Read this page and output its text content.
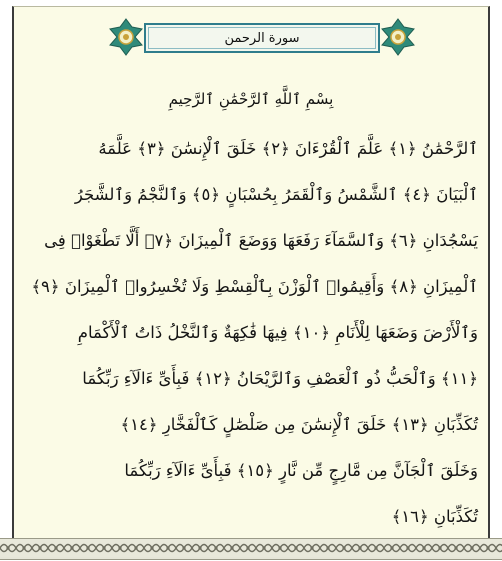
سورة الرحمن
بِسْمِ ٱللَّهِ ٱلرَّحْمَٰنِ ٱلرَّحِيمِ
ٱلرَّحْمَٰنُ ﴿١﴾ عَلَّمَ ٱلْقُرْءَانَ ﴿٢﴾ خَلَقَ ٱلْإِنسَٰنَ ﴿٣﴾ عَلَّمَهُ
ٱلْبَيَانَ ﴿٤﴾ ٱلشَّمْسُ وَٱلْقَمَرُ بِحُسْبَانٍ ﴿٥﴾ وَٱلنَّجْمُ وَٱلشَّجَرُ
يَسْجُدَانِ ﴿٦﴾ وَٱلسَّمَآءَ رَفَعَهَا وَوَضَعَ ٱلْمِيزَانَ ﴿٧﴾ أَلَّا تَطْغَوْا۟ فِى
ٱلْمِيزَانِ ﴿٨﴾ وَأَقِيمُوا۟ ٱلْوَزْنَ بِٱلْقِسْطِ وَلَا تُخْسِرُوا۟ ٱلْمِيزَانَ ﴿٩﴾
وَٱلْأَرْضَ وَضَعَهَا لِلْأَنَامِ ﴿١٠﴾ فِيهَا فَٰكِهَةٌ وَٱلنَّخْلُ ذَاتُ ٱلْأَكْمَامِ
﴿١١﴾ وَٱلْحَبُّ ذُو ٱلْعَصْفِ وَٱلرَّيْحَانُ ﴿١٢﴾ فَبِأَىِّ ءَالَآءِ رَبِّكُمَا
تُكَذِّبَانِ ﴿١٣﴾ خَلَقَ ٱلْإِنسَٰنَ مِن صَلْصَٰلٍ كَٱلْفَخَّارِ ﴿١٤﴾
وَخَلَقَ ٱلْجَآنَّ مِن مَّارِجٍ مِّن نَّارٍ ﴿١٥﴾ فَبِأَىِّ ءَالَآءِ رَبِّكُمَا
تُكَذِّبَانِ ﴿١٦﴾
